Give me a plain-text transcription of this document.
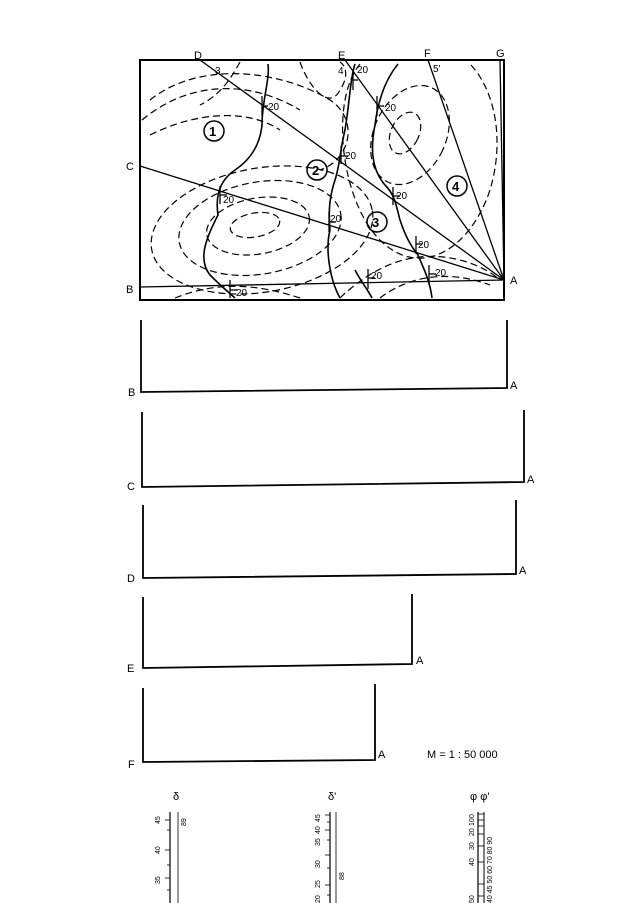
20
20
20
20
20	20
20
20
20	20
20
3	4	5'
1
2
3
4
D	E	F	G
C
B
A
B
A
C
A
D
A
E
A
F
A	M = 1 : 50 000
δ
35
40
45	89
δ'
20
25
30
35
40
45
88
φ φ'
50
40
30
20
10
0
40 45 50 60 70 80 90
